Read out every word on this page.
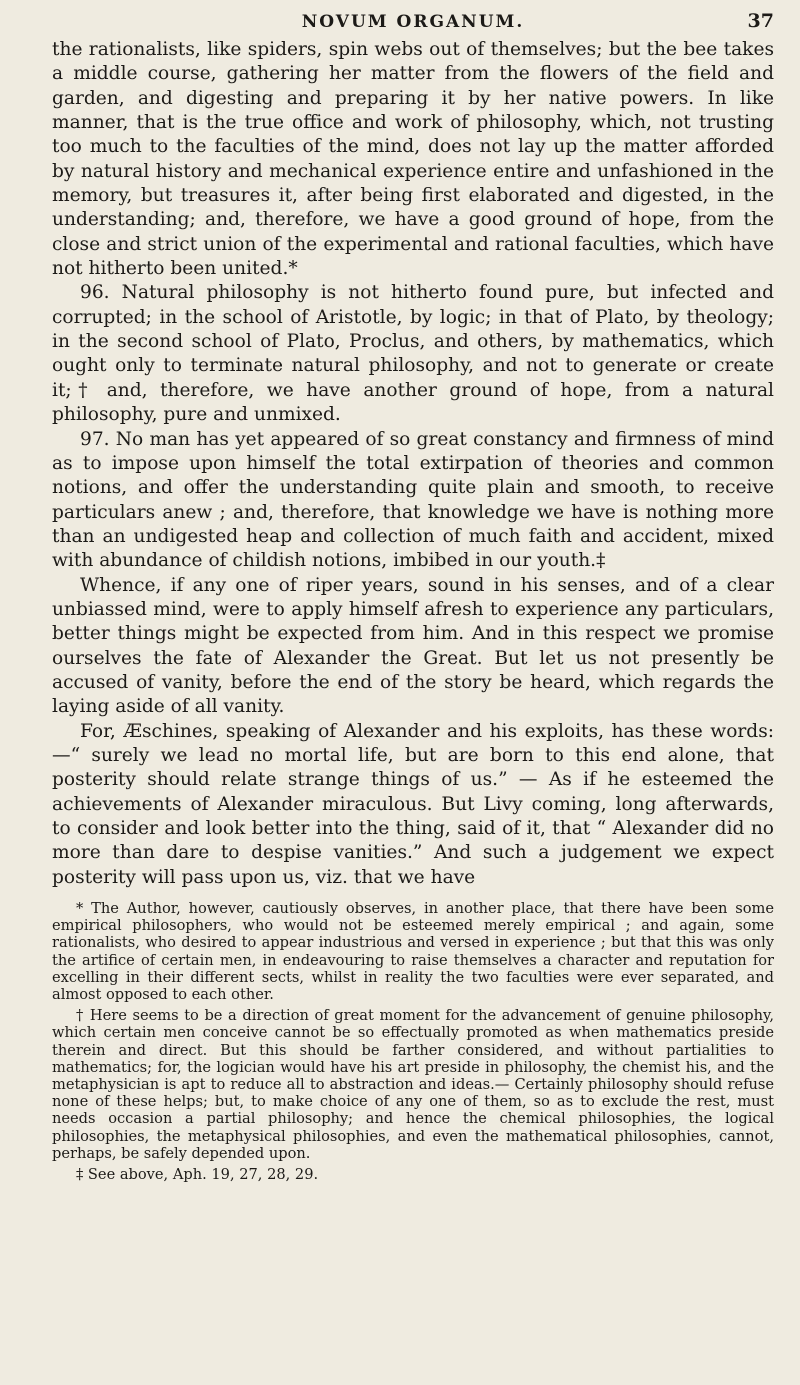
NOVUM ORGANUM.	37

the rationalists, like spiders, spin webs out of themselves; but the bee takes a middle course, gathering her matter from the flowers of the field and garden, and digesting and preparing it by her native powers. In like manner, that is the true office and work of philosophy, which, not trusting too much to the faculties of the mind, does not lay up the matter afforded by natural history and mechanical experience entire and unfashioned in the memory, but treasures it, after being first elaborated and digested, in the understanding; and, therefore, we have a good ground of hope, from the close and strict union of the experimental and rational faculties, which have not hitherto been united.*

96. Natural philosophy is not hitherto found pure, but infected and corrupted; in the school of Aristotle, by logic; in that of Plato, by theology; in the second school of Plato, Proclus, and others, by mathematics, which ought only to terminate natural philosophy, and not to generate or create it;† and, therefore, we have another ground of hope, from a natural philosophy, pure and unmixed.

97. No man has yet appeared of so great constancy and firmness of mind as to impose upon himself the total extirpation of theories and common notions, and offer the understanding quite plain and smooth, to receive particulars anew ; and, therefore, that knowledge we have is nothing more than an undigested heap and collection of much faith and accident, mixed with abundance of childish notions, imbibed in our youth.‡

Whence, if any one of riper years, sound in his senses, and of a clear unbiassed mind, were to apply himself afresh to experience any particulars, better things might be expected from him. And in this respect we promise ourselves the fate of Alexander the Great. But let us not presently be accused of vanity, before the end of the story be heard, which regards the laying aside of all vanity.

For, Æschines, speaking of Alexander and his exploits, has these words:—“ surely we lead no mortal life, but are born to this end alone, that posterity should relate strange things of us.” — As if he esteemed the achievements of Alexander miraculous. But Livy coming, long afterwards, to consider and look better into the thing, said of it, that “ Alexander did no more than dare to despise vanities.” And such a judgement we expect posterity will pass upon us, viz. that we have

* The Author, however, cautiously observes, in another place, that there have been some empirical philosophers, who would not be esteemed merely empirical ; and again, some rationalists, who desired to appear industrious and versed in experience ; but that this was only the artifice of certain men, in endeavouring to raise themselves a character and reputation for excelling in their different sects, whilst in reality the two faculties were ever separated, and almost opposed to each other.

† Here seems to be a direction of great moment for the advancement of genuine philosophy, which certain men conceive cannot be so effectually promoted as when mathematics preside therein and direct. But this should be farther considered, and without partialities to mathematics; for, the logician would have his art preside in philosophy, the chemist his, and the metaphysician is apt to reduce all to abstraction and ideas.— Certainly philosophy should refuse none of these helps; but, to make choice of any one of them, so as to exclude the rest, must needs occasion a partial philosophy; and hence the chemical philosophies, the logical philosophies, the metaphysical philosophies, and even the mathematical philosophies, cannot, perhaps, be safely depended upon.

‡ See above, Aph. 19, 27, 28, 29.
